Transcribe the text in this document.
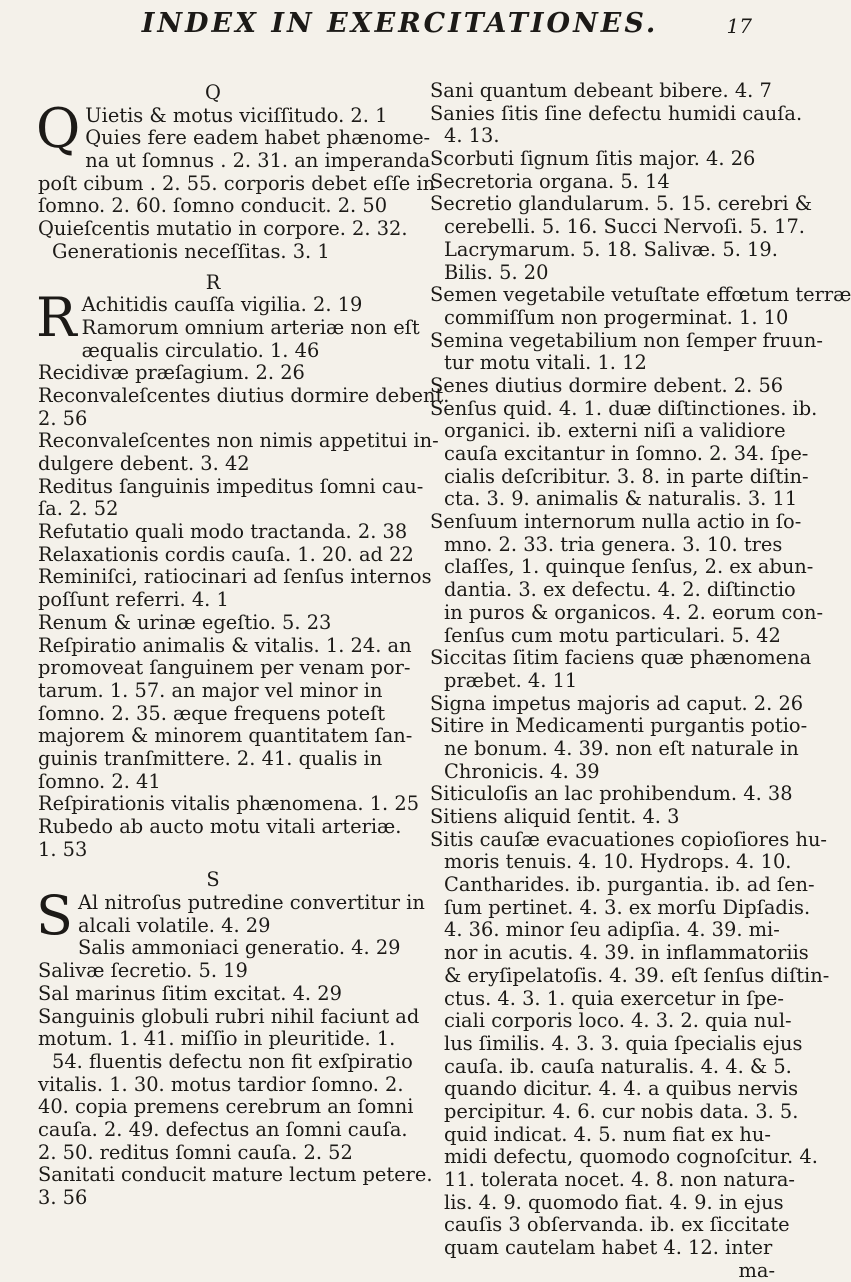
INDEX IN EXERCITATIONES.	17
Q
Q Uietis & motus viciſſitudo. 2. 1
Quies fere eadem habet phænome-
na ut ſomnus . 2. 31. an imperanda
poſt cibum . 2. 55. corporis debet eſſe in
ſomno. 2. 60. ſomno conducit. 2. 50
Quieſcentis mutatio in corpore. 2. 32.
Generationis neceſſitas. 3. 1
R
R Achitidis cauſſa vigilia. 2. 19
Ramorum omnium arteriæ non eſt
æqualis circulatio. 1. 46
Recidivæ præſagium. 2. 26
Reconvaleſcentes diutius dormire debent.
2. 56
Reconvaleſcentes non nimis appetitui in-
dulgere debent. 3. 42
Reditus ſanguinis impeditus ſomni cau-
ſa. 2. 52
Refutatio quali modo tractanda. 2. 38
Relaxationis cordis cauſa. 1. 20. ad 22
Reminiſci, ratiocinari ad ſenſus internos
poſſunt referri. 4. 1
Renum & urinæ egeſtio. 5. 23
Reſpiratio animalis & vitalis. 1. 24. an
promoveat ſanguinem per venam por-
tarum. 1. 57. an major vel minor in
ſomno. 2. 35. æque frequens poteſt
majorem & minorem quantitatem ſan-
guinis tranſmittere. 2. 41. qualis in
ſomno. 2. 41
Reſpirationis vitalis phænomena. 1. 25
Rubedo ab aucto motu vitali arteriæ.
1. 53
S
S Al nitroſus putredine convertitur in
alcali volatile. 4. 29
Salis ammoniaci generatio. 4. 29
Salivæ ſecretio. 5. 19
Sal marinus ſitim excitat. 4. 29
Sanguinis globuli rubri nihil faciunt ad
motum. 1. 41. miſſio in pleuritide. 1.
54. fluentis defectu non fit exſpiratio
vitalis. 1. 30. motus tardior ſomno. 2.
40. copia premens cerebrum an ſomni
cauſa. 2. 49. defectus an ſomni cauſa.
2. 50. reditus ſomni cauſa. 2. 52
Sanitati conducit mature lectum petere.
3. 56
Sani quantum debeant bibere. 4. 7
Sanies ſitis ſine defectu humidi cauſa.
4. 13.
Scorbuti ſignum ſitis major. 4. 26
Secretoria organa. 5. 14
Secretio glandularum. 5. 15. cerebri &
cerebelli. 5. 16. Succi Nervoſi. 5. 17.
Lacrymarum. 5. 18. Salivæ. 5. 19.
Bilis. 5. 20
Semen vegetabile vetuſtate effœtum terræ
commiſſum non progerminat. 1. 10
Semina vegetabilium non ſemper fruun-
tur motu vitali. 1. 12
Senes diutius dormire debent. 2. 56
Senſus quid. 4. 1. duæ diſtinctiones. ib.
organici. ib. externi niſi a validiore
cauſa excitantur in ſomno. 2. 34. ſpe-
cialis deſcribitur. 3. 8. in parte diſtin-
cta. 3. 9. animalis & naturalis. 3. 11
Senſuum internorum nulla actio in ſo-
mno. 2. 33. tria genera. 3. 10. tres
claſſes, 1. quinque ſenſus, 2. ex abun-
dantia. 3. ex defectu. 4. 2. diſtinctio
in puros & organicos. 4. 2. eorum con-
ſenſus cum motu particulari. 5. 42
Siccitas ſitim faciens quæ phænomena
præbet. 4. 11
Signa impetus majoris ad caput. 2. 26
Sitire in Medicamenti purgantis potio-
ne bonum. 4. 39. non eſt naturale in
Chronicis. 4. 39
Siticuloſis an lac prohibendum. 4. 38
Sitiens aliquid ſentit. 4. 3
Sitis cauſæ evacuationes copioſiores hu-
moris tenuis. 4. 10. Hydrops. 4. 10.
Cantharides. ib. purgantia. ib. ad ſen-
ſum pertinet. 4. 3. ex morſu Dipſadis.
4. 36. minor ſeu adipſia. 4. 39. mi-
nor in acutis. 4. 39. in inflammatoriis
& eryſipelatoſis. 4. 39. eſt ſenſus diſtin-
ctus. 4. 3. 1. quia exercetur in ſpe-
ciali corporis loco. 4. 3. 2. quia nul-
lus ſimilis. 4. 3. 3. quia ſpecialis ejus
cauſa. ib. cauſa naturalis. 4. 4. & 5.
quando dicitur. 4. 4. a quibus nervis
percipitur. 4. 6. cur nobis data. 3. 5.
quid indicat. 4. 5. num fiat ex hu-
midi defectu, quomodo cognoſcitur. 4.
11. tolerata nocet. 4. 8. non natura-
lis. 4. 9. quomodo fiat. 4. 9. in ejus
cauſis 3 obſervanda. ib. ex ſiccitate
quam cautelam habet 4. 12. inter
ma-
